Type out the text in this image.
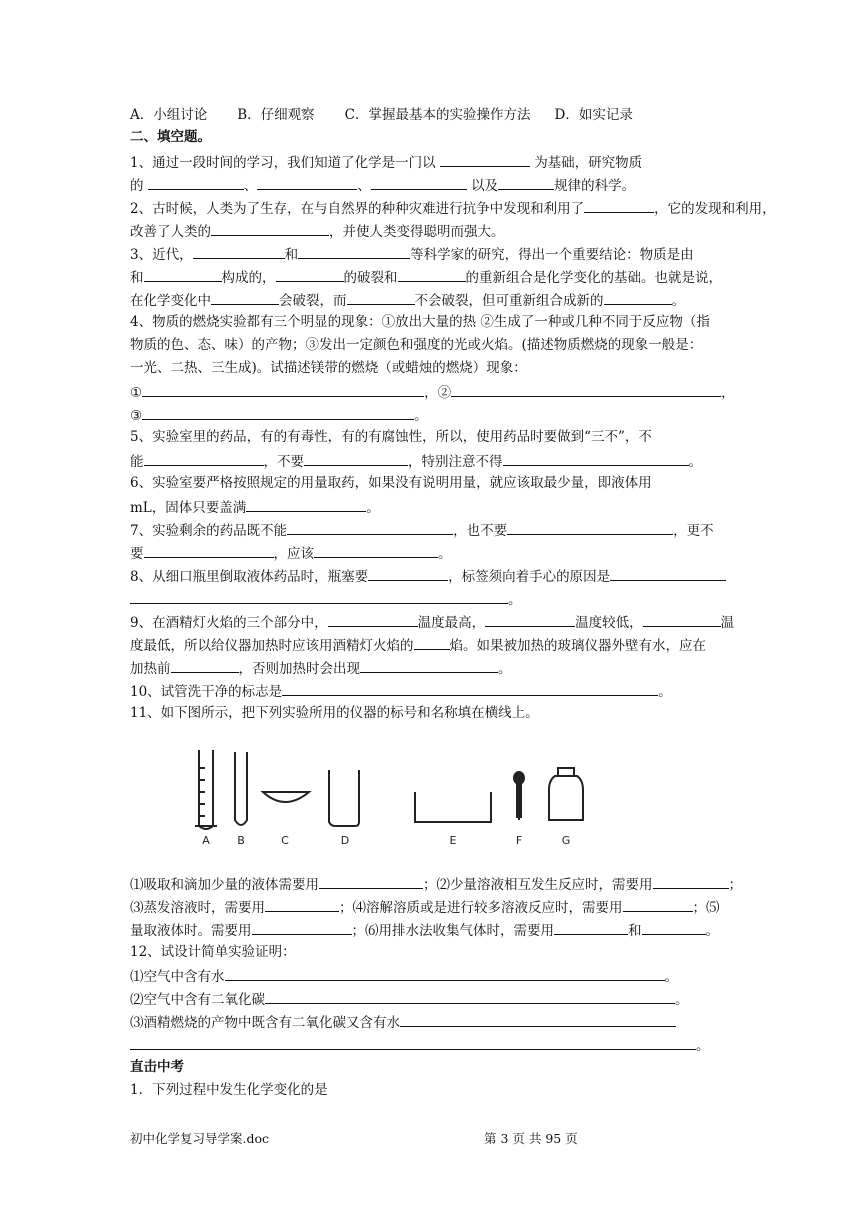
A．小组讨论 B．仔细观察 C．掌握最基本的实验操作方法 D．如实记录
二、填空题。
1、通过一段时间的学习，我们知道了化学是一门以	为基础，研究物质
的	、	、	以及	规律的科学。
2、古时候，人类为了生存，在与自然界的种种灾难进行抗争中发现和利用了	，它的发现和利用，
改善了人类的	，并使人类变得聪明而强大。
3、近代，	和	等科学家的研究，得出一个重要结论：物质是由
和	构成的，	的破裂和	的重新组合是化学变化的基础。也就是说，
在化学变化中	会破裂，而	不会破裂，但可重新组合成新的	。
4、物质的燃烧实验都有三个明显的现象：①放出大量的热 ②生成了一种或几种不同于反应物（指
物质的色、态、味）的产物；③发出一定颜色和强度的光或火焰。(描述物质燃烧的现象一般是：
一光、二热、三生成)。试描述镁带的燃烧（或蜡烛的燃烧）现象：
①	，②	，
③	。
5、实验室里的药品，有的有毒性，有的有腐蚀性，所以，使用药品时要做到“三不”，不
能	，不要	，特别注意不得	。
6、实验室要严格按照规定的用量取药，如果没有说明用量，就应该取最少量，即液体用
mL，固体只要盖满	。
7、实验剩余的药品既不能	，也不要	，更不
要	，应该	。
8、从细口瓶里倒取液体药品时，瓶塞要	，标签须向着手心的原因是
。
9、在酒精灯火焰的三个部分中，	温度最高，	温度较低，	温
度最低，所以给仪器加热时应该用酒精灯火焰的	焰。如果被加热的玻璃仪器外壁有水，应在
加热前	，否则加热时会出现	。
10、试管洗干净的标志是	。
11、如下图所示，把下列实验所用的仪器的标号和名称填在横线上。
A B	C	D	E	F	G
⑴吸取和滴加少量的液体需要用	；⑵少量溶液相互发生反应时，需要用	；
⑶蒸发溶液时，需要用	；⑷溶解溶质或是进行较多溶液反应时，需要用	；⑸
量取液体时。需要用	；⑹用排水法收集气体时，需要用	和	。
12、试设计简单实验证明：
⑴空气中含有水	。
⑵空气中含有二氧化碳	。
⑶酒精燃烧的产物中既含有二氧化碳又含有水
。
直击中考
1．下列过程中发生化学变化的是
初中化学复习导学案.doc	第 3 页 共 95 页
